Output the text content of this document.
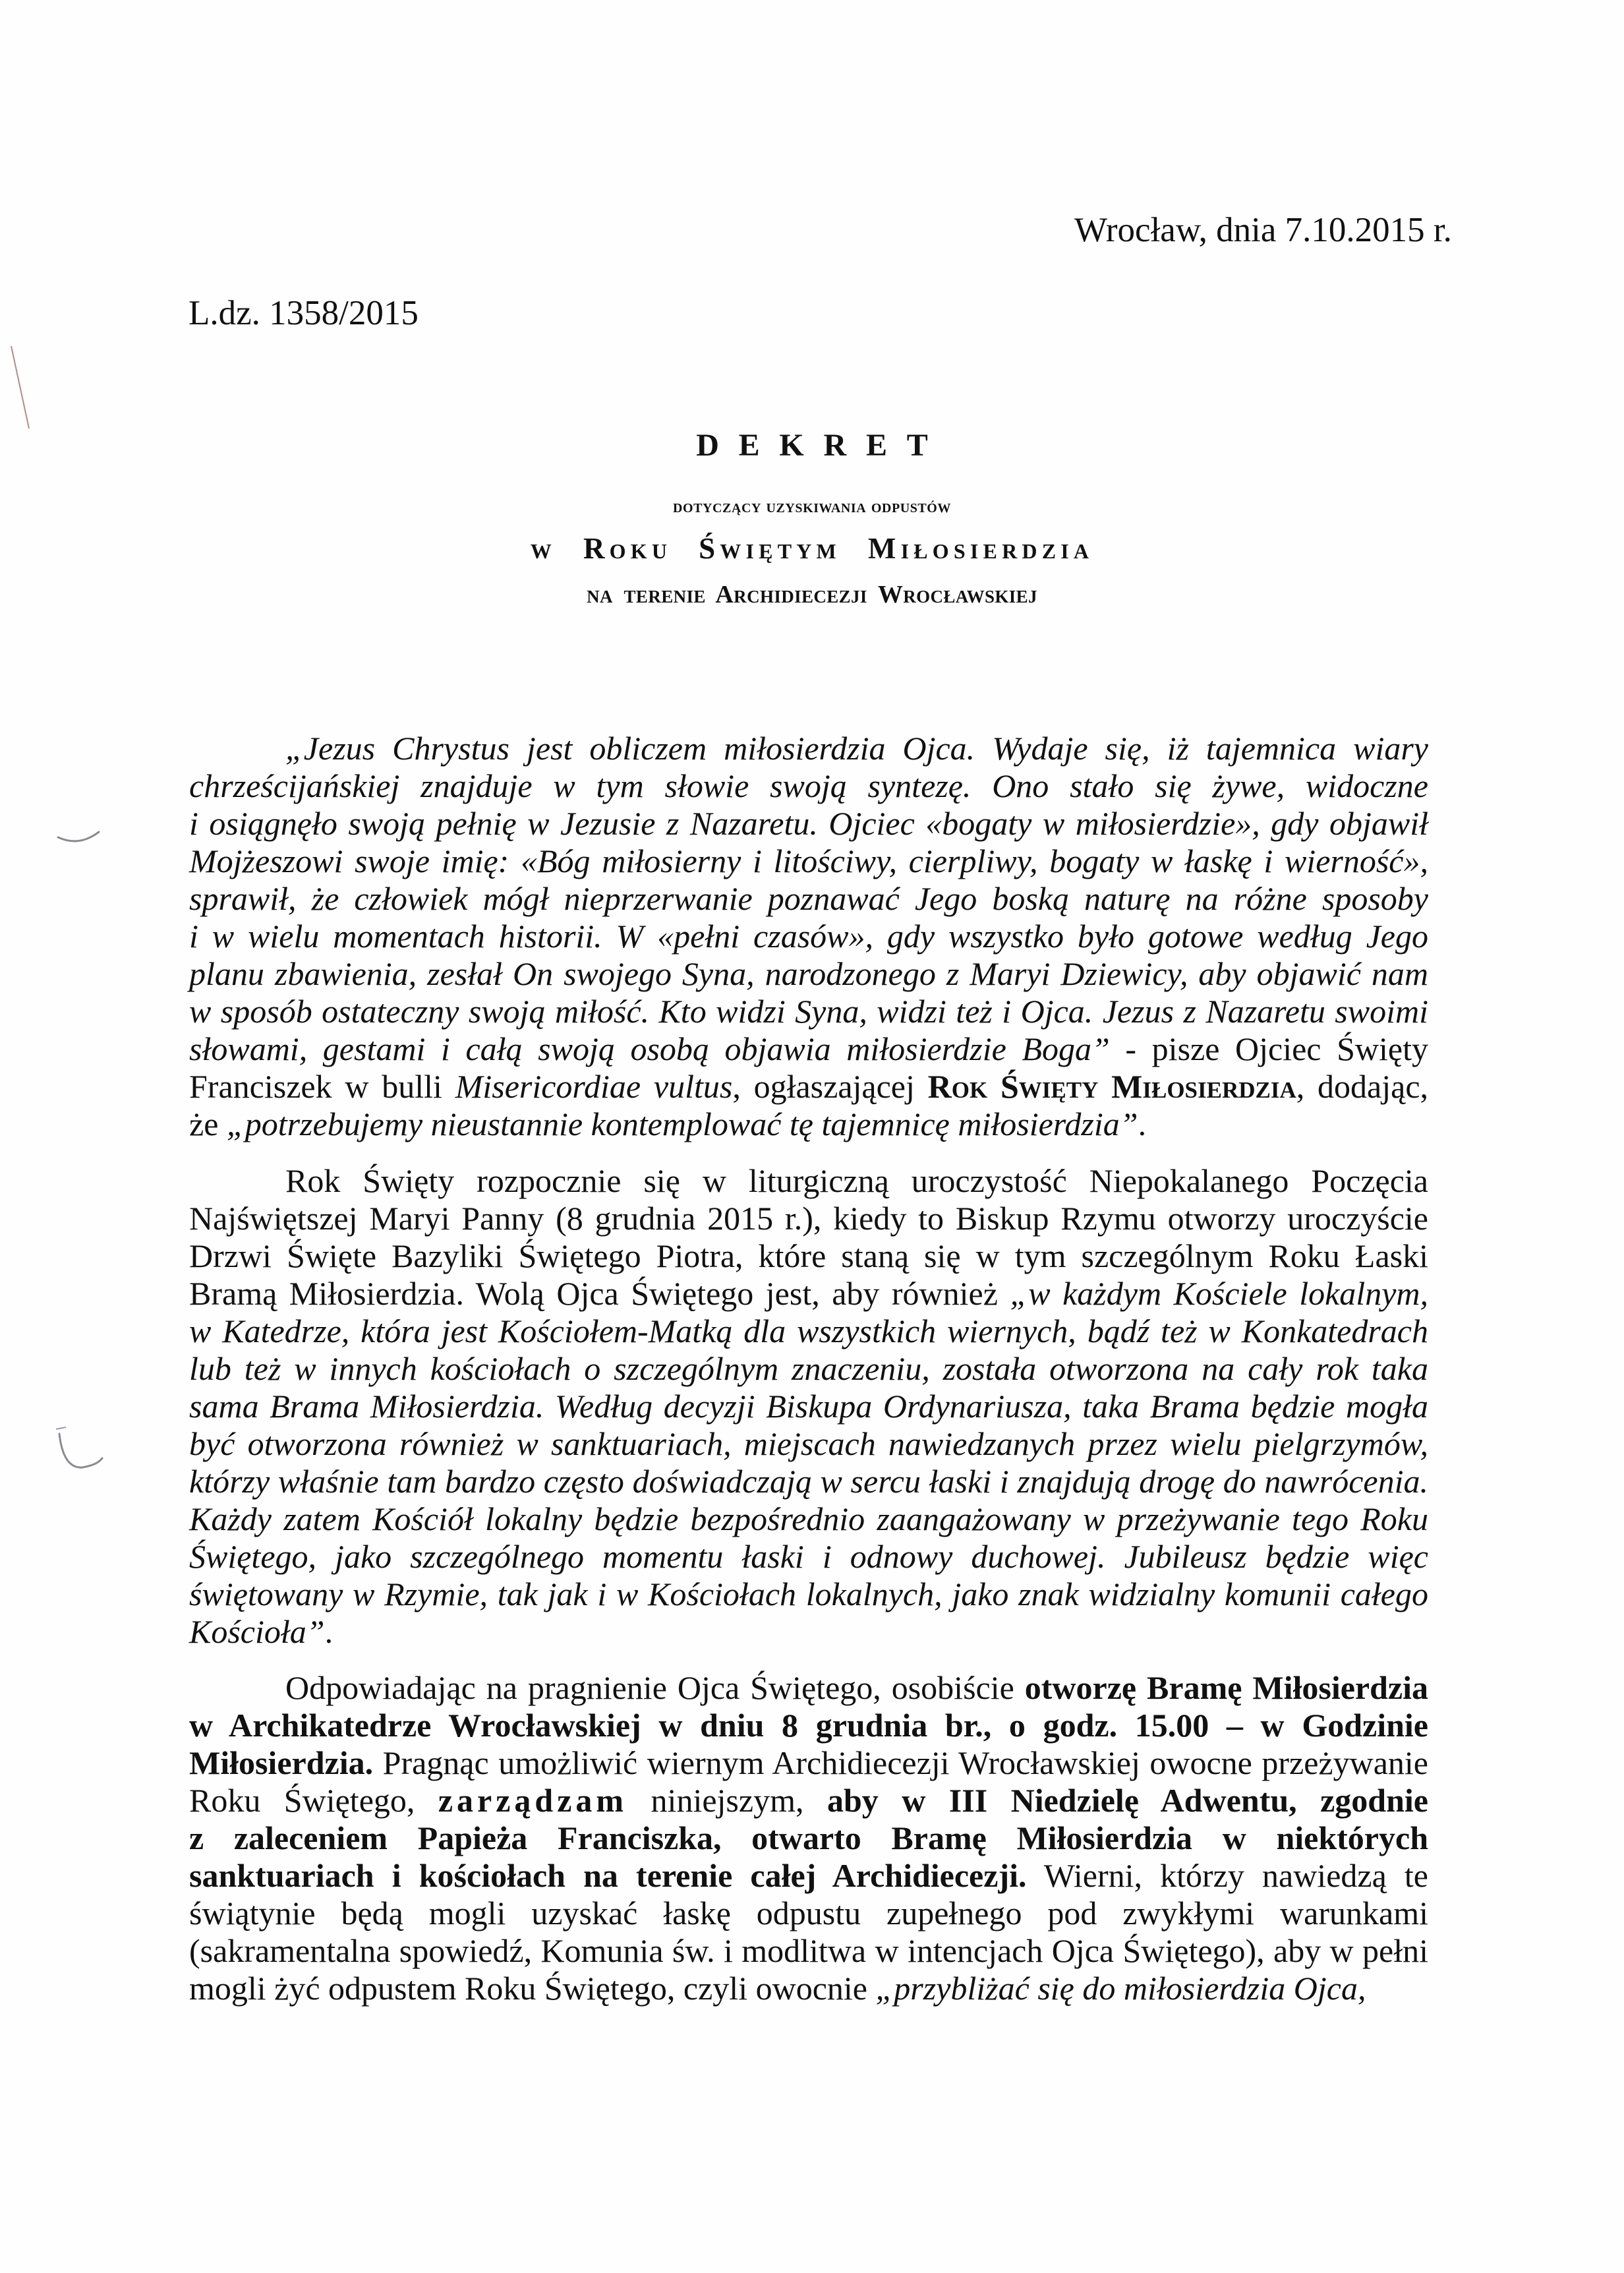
Wrocław, dnia 7.10.2015 r.
L.dz. 1358/2015
DEKRET
dotyczący uzyskiwania odpustów
w Roku Świętym Miłosierdzia
na terenie Archidiecezji Wrocławskiej
„Jezus Chrystus jest obliczem miłosierdzia Ojca. Wydaje się, iż tajemnica wiary
chrześcijańskiej znajduje w tym słowie swoją syntezę. Ono stało się żywe, widoczne
i osiągnęło swoją pełnię w Jezusie z Nazaretu. Ojciec «bogaty w miłosierdzie», gdy objawił
Mojżeszowi swoje imię: «Bóg miłosierny i litościwy, cierpliwy, bogaty w łaskę i wierność»,
sprawił, że człowiek mógł nieprzerwanie poznawać Jego boską naturę na różne sposoby
i w wielu momentach historii. W «pełni czasów», gdy wszystko było gotowe według Jego
planu zbawienia, zesłał On swojego Syna, narodzonego z Maryi Dziewicy, aby objawić nam
w sposób ostateczny swoją miłość. Kto widzi Syna, widzi też i Ojca. Jezus z Nazaretu swoimi
słowami, gestami i całą swoją osobą objawia miłosierdzie Boga” - pisze Ojciec Święty
Franciszek w bulli Misericordiae vultus, ogłaszającej Rok Święty Miłosierdzia, dodając,
że „potrzebujemy nieustannie kontemplować tę tajemnicę miłosierdzia”.
Rok Święty rozpocznie się w liturgiczną uroczystość Niepokalanego Poczęcia
Najświętszej Maryi Panny (8 grudnia 2015 r.), kiedy to Biskup Rzymu otworzy uroczyście
Drzwi Święte Bazyliki Świętego Piotra, które staną się w tym szczególnym Roku Łaski
Bramą Miłosierdzia. Wolą Ojca Świętego jest, aby również „w każdym Kościele lokalnym,
w Katedrze, która jest Kościołem-Matką dla wszystkich wiernych, bądź też w Konkatedrach
lub też w innych kościołach o szczególnym znaczeniu, została otworzona na cały rok taka
sama Brama Miłosierdzia. Według decyzji Biskupa Ordynariusza, taka Brama będzie mogła
być otworzona również w sanktuariach, miejscach nawiedzanych przez wielu pielgrzymów,
którzy właśnie tam bardzo często doświadczają w sercu łaski i znajdują drogę do nawrócenia.
Każdy zatem Kościół lokalny będzie bezpośrednio zaangażowany w przeżywanie tego Roku
Świętego, jako szczególnego momentu łaski i odnowy duchowej. Jubileusz będzie więc
świętowany w Rzymie, tak jak i w Kościołach lokalnych, jako znak widzialny komunii całego
Kościoła”.
Odpowiadając na pragnienie Ojca Świętego, osobiście otworzę Bramę Miłosierdzia
w Archikatedrze Wrocławskiej w dniu 8 grudnia br., o godz. 15.00 – w Godzinie
Miłosierdzia. Pragnąc umożliwić wiernym Archidiecezji Wrocławskiej owocne przeżywanie
Roku Świętego, zarządzam niniejszym, aby w III Niedzielę Adwentu, zgodnie
z zaleceniem Papieża Franciszka, otwarto Bramę Miłosierdzia w niektórych
sanktuariach i kościołach na terenie całej Archidiecezji. Wierni, którzy nawiedzą te
świątynie będą mogli uzyskać łaskę odpustu zupełnego pod zwykłymi warunkami
(sakramentalna spowiedź, Komunia św. i modlitwa w intencjach Ojca Świętego), aby w pełni
mogli żyć odpustem Roku Świętego, czyli owocnie „przybliżać się do miłosierdzia Ojca,
